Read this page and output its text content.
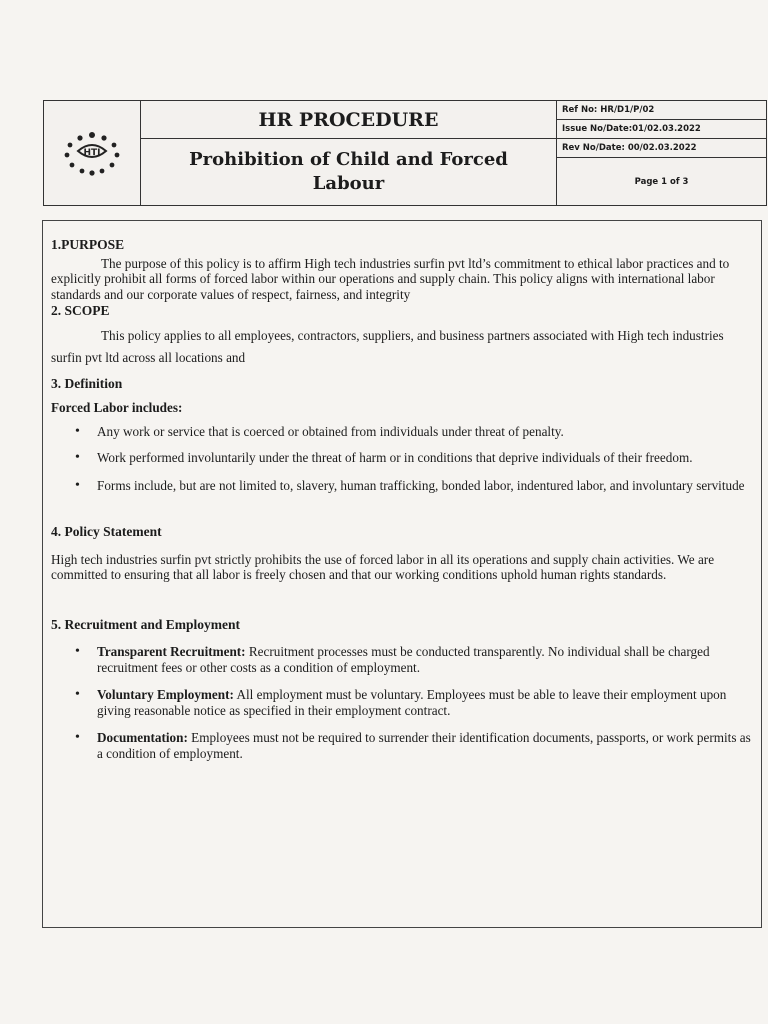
HTI
HR PROCEDURE
Prohibition of Child and Forced Labour
Ref No: HR/D1/P/02
Issue No/Date:01/02.03.2022
Rev No/Date: 00/02.03.2022
Page 1 of 3

1.PURPOSE

The purpose of this policy is to affirm High tech industries surfin pvt ltd’s commitment to ethical labor practices and to explicitly prohibit all forms of forced labor within our operations and supply chain. This policy aligns with international labor standards and our corporate values of respect, fairness, and integrity

2. SCOPE

This policy applies to all employees, contractors, suppliers, and business partners associated with High tech industries surfin pvt ltd across all locations and

3. Definition

Forced Labor includes:

• Any work or service that is coerced or obtained from individuals under threat of penalty.
• Work performed involuntarily under the threat of harm or in conditions that deprive individuals of their freedom.
• Forms include, but are not limited to, slavery, human trafficking, bonded labor, indentured labor, and involuntary servitude

4. Policy Statement

High tech industries surfin pvt strictly prohibits the use of forced labor in all its operations and supply chain activities. We are committed to ensuring that all labor is freely chosen and that our working conditions uphold human rights standards.

5. Recruitment and Employment

• Transparent Recruitment: Recruitment processes must be conducted transparently. No individual shall be charged recruitment fees or other costs as a condition of employment.
• Voluntary Employment: All employment must be voluntary. Employees must be able to leave their employment upon giving reasonable notice as specified in their employment contract.
• Documentation: Employees must not be required to surrender their identification documents, passports, or work permits as a condition of employment.
